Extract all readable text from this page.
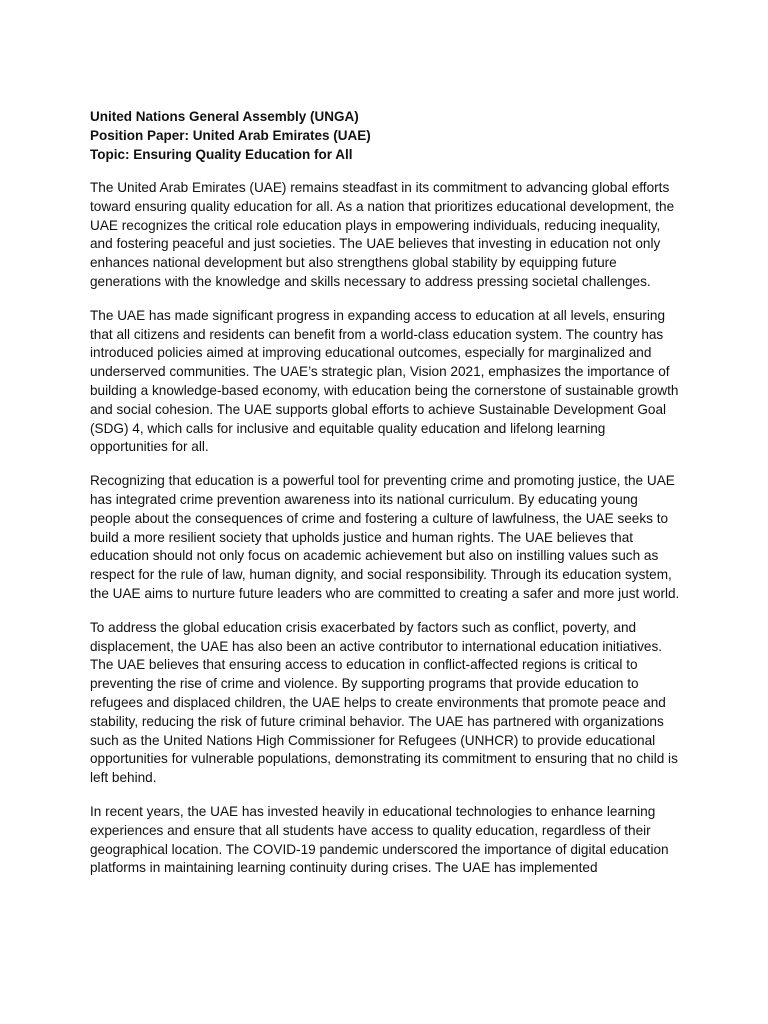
United Nations General Assembly (UNGA)
Position Paper: United Arab Emirates (UAE)
Topic: Ensuring Quality Education for All

The United Arab Emirates (UAE) remains steadfast in its commitment to advancing global efforts toward ensuring quality education for all. As a nation that prioritizes educational development, the UAE recognizes the critical role education plays in empowering individuals, reducing inequality, and fostering peaceful and just societies. The UAE believes that investing in education not only enhances national development but also strengthens global stability by equipping future generations with the knowledge and skills necessary to address pressing societal challenges.

The UAE has made significant progress in expanding access to education at all levels, ensuring that all citizens and residents can benefit from a world-class education system. The country has introduced policies aimed at improving educational outcomes, especially for marginalized and underserved communities. The UAE’s strategic plan, Vision 2021, emphasizes the importance of building a knowledge-based economy, with education being the cornerstone of sustainable growth and social cohesion. The UAE supports global efforts to achieve Sustainable Development Goal (SDG) 4, which calls for inclusive and equitable quality education and lifelong learning opportunities for all.

Recognizing that education is a powerful tool for preventing crime and promoting justice, the UAE has integrated crime prevention awareness into its national curriculum. By educating young people about the consequences of crime and fostering a culture of lawfulness, the UAE seeks to build a more resilient society that upholds justice and human rights. The UAE believes that education should not only focus on academic achievement but also on instilling values such as respect for the rule of law, human dignity, and social responsibility. Through its education system, the UAE aims to nurture future leaders who are committed to creating a safer and more just world.

To address the global education crisis exacerbated by factors such as conflict, poverty, and displacement, the UAE has also been an active contributor to international education initiatives. The UAE believes that ensuring access to education in conflict-affected regions is critical to preventing the rise of crime and violence. By supporting programs that provide education to refugees and displaced children, the UAE helps to create environments that promote peace and stability, reducing the risk of future criminal behavior. The UAE has partnered with organizations such as the United Nations High Commissioner for Refugees (UNHCR) to provide educational opportunities for vulnerable populations, demonstrating its commitment to ensuring that no child is left behind.

In recent years, the UAE has invested heavily in educational technologies to enhance learning experiences and ensure that all students have access to quality education, regardless of their geographical location. The COVID-19 pandemic underscored the importance of digital education platforms in maintaining learning continuity during crises. The UAE has implemented
